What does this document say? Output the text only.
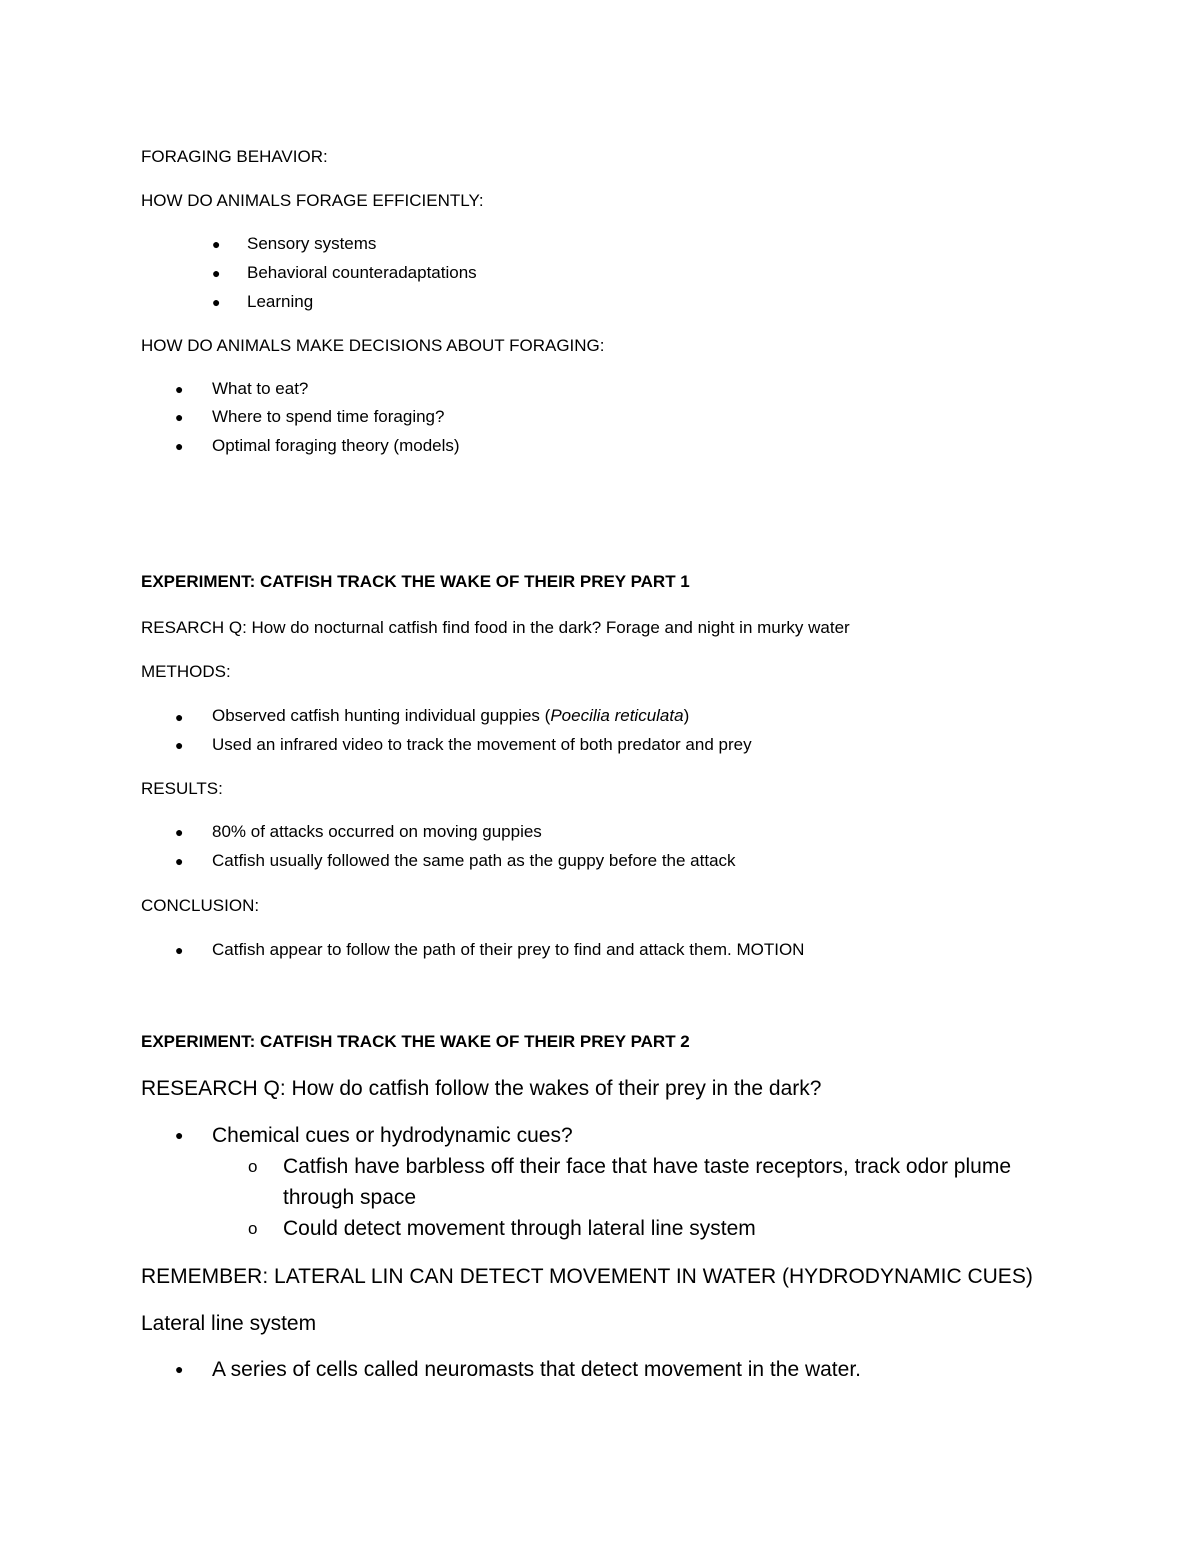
FORAGING BEHAVIOR:
HOW DO ANIMALS FORAGE EFFICIENTLY:
● Sensory systems
● Behavioral counteradaptations
● Learning
HOW DO ANIMALS MAKE DECISIONS ABOUT FORAGING:
● What to eat?
● Where to spend time foraging?
● Optimal foraging theory (models)
EXPERIMENT: CATFISH TRACK THE WAKE OF THEIR PREY PART 1
RESARCH Q: How do nocturnal catfish find food in the dark? Forage and night in murky water
METHODS:
● Observed catfish hunting individual guppies (Poecilia reticulata)
● Used an infrared video to track the movement of both predator and prey
RESULTS:
● 80% of attacks occurred on moving guppies
● Catfish usually followed the same path as the guppy before the attack
CONCLUSION:
● Catfish appear to follow the path of their prey to find and attack them. MOTION
EXPERIMENT: CATFISH TRACK THE WAKE OF THEIR PREY PART 2
RESEARCH Q: How do catfish follow the wakes of their prey in the dark?
● Chemical cues or hydrodynamic cues?
o Catfish have barbless off their face that have taste receptors, track odor plume
through space
o Could detect movement through lateral line system
REMEMBER: LATERAL LIN CAN DETECT MOVEMENT IN WATER (HYDRODYNAMIC CUES)
Lateral line system
● A series of cells called neuromasts that detect movement in the water.
